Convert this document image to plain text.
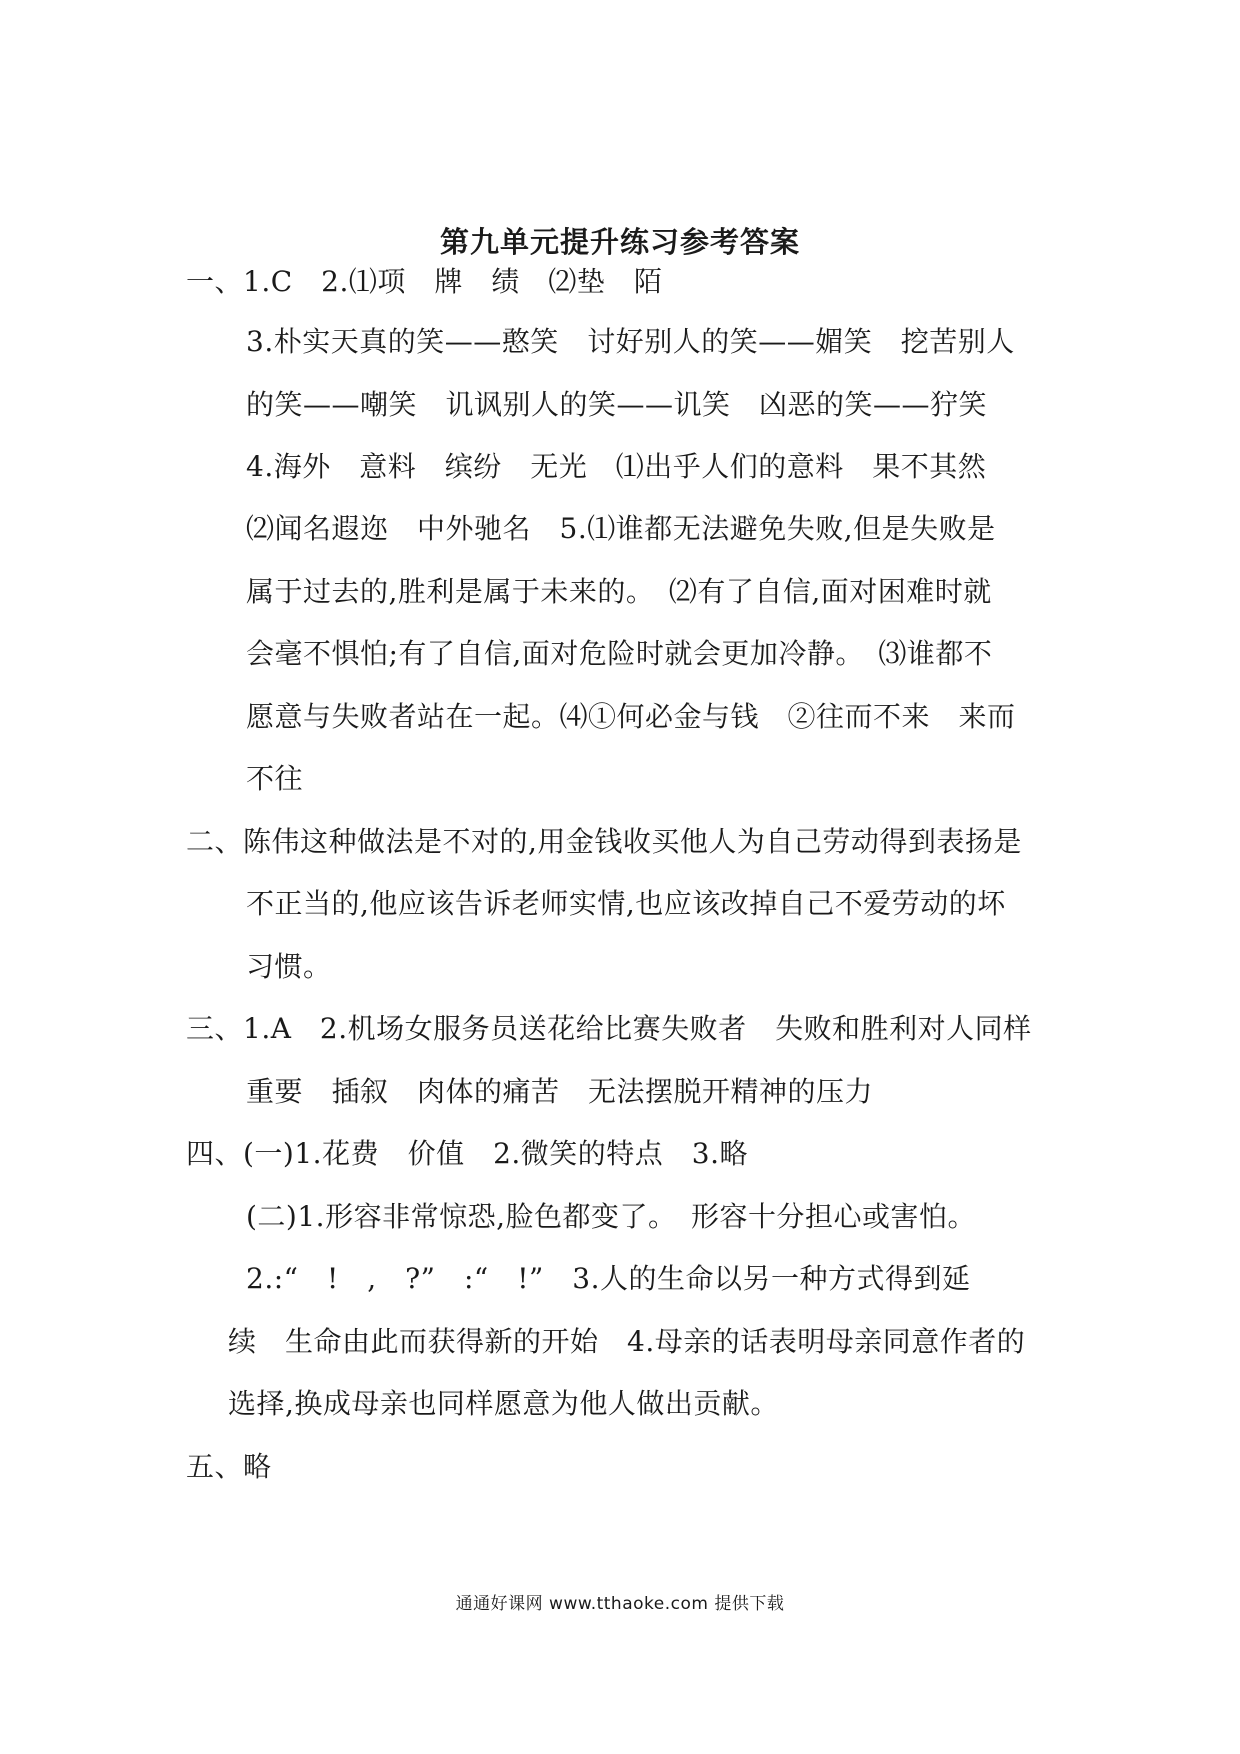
第九单元提升练习参考答案
一、1.C　2.⑴项　牌　绩　⑵垫　陌
3.朴实天真的笑——憨笑　讨好别人的笑——媚笑　挖苦别人
的笑——嘲笑　讥讽别人的笑——讥笑　凶恶的笑——狞笑
4.海外　意料　缤纷　无光　⑴出乎人们的意料　果不其然
⑵闻名遐迩　中外驰名　5.⑴谁都无法避免失败,但是失败是
属于过去的,胜利是属于未来的。　⑵有了自信,面对困难时就
会毫不惧怕;有了自信,面对危险时就会更加冷静。　⑶谁都不
愿意与失败者站在一起。⑷①何必金与钱　②往而不来　来而
不往
二、陈伟这种做法是不对的,用金钱收买他人为自己劳动得到表扬是
不正当的,他应该告诉老师实情,也应该改掉自己不爱劳动的坏
习惯。
三、1.A　2.机场女服务员送花给比赛失败者　失败和胜利对人同样
重要　插叙　肉体的痛苦　无法摆脱开精神的压力
四、(一)1.花费　价值　2.微笑的特点　3.略
(二)1.形容非常惊恐,脸色都变了。　形容十分担心或害怕。
2.:“　!　,　?”　:“　!”　3.人的生命以另一种方式得到延
续　生命由此而获得新的开始　4.母亲的话表明母亲同意作者的
选择,换成母亲也同样愿意为他人做出贡献。
五、略
通通好课网 www.tthaoke.com 提供下载
